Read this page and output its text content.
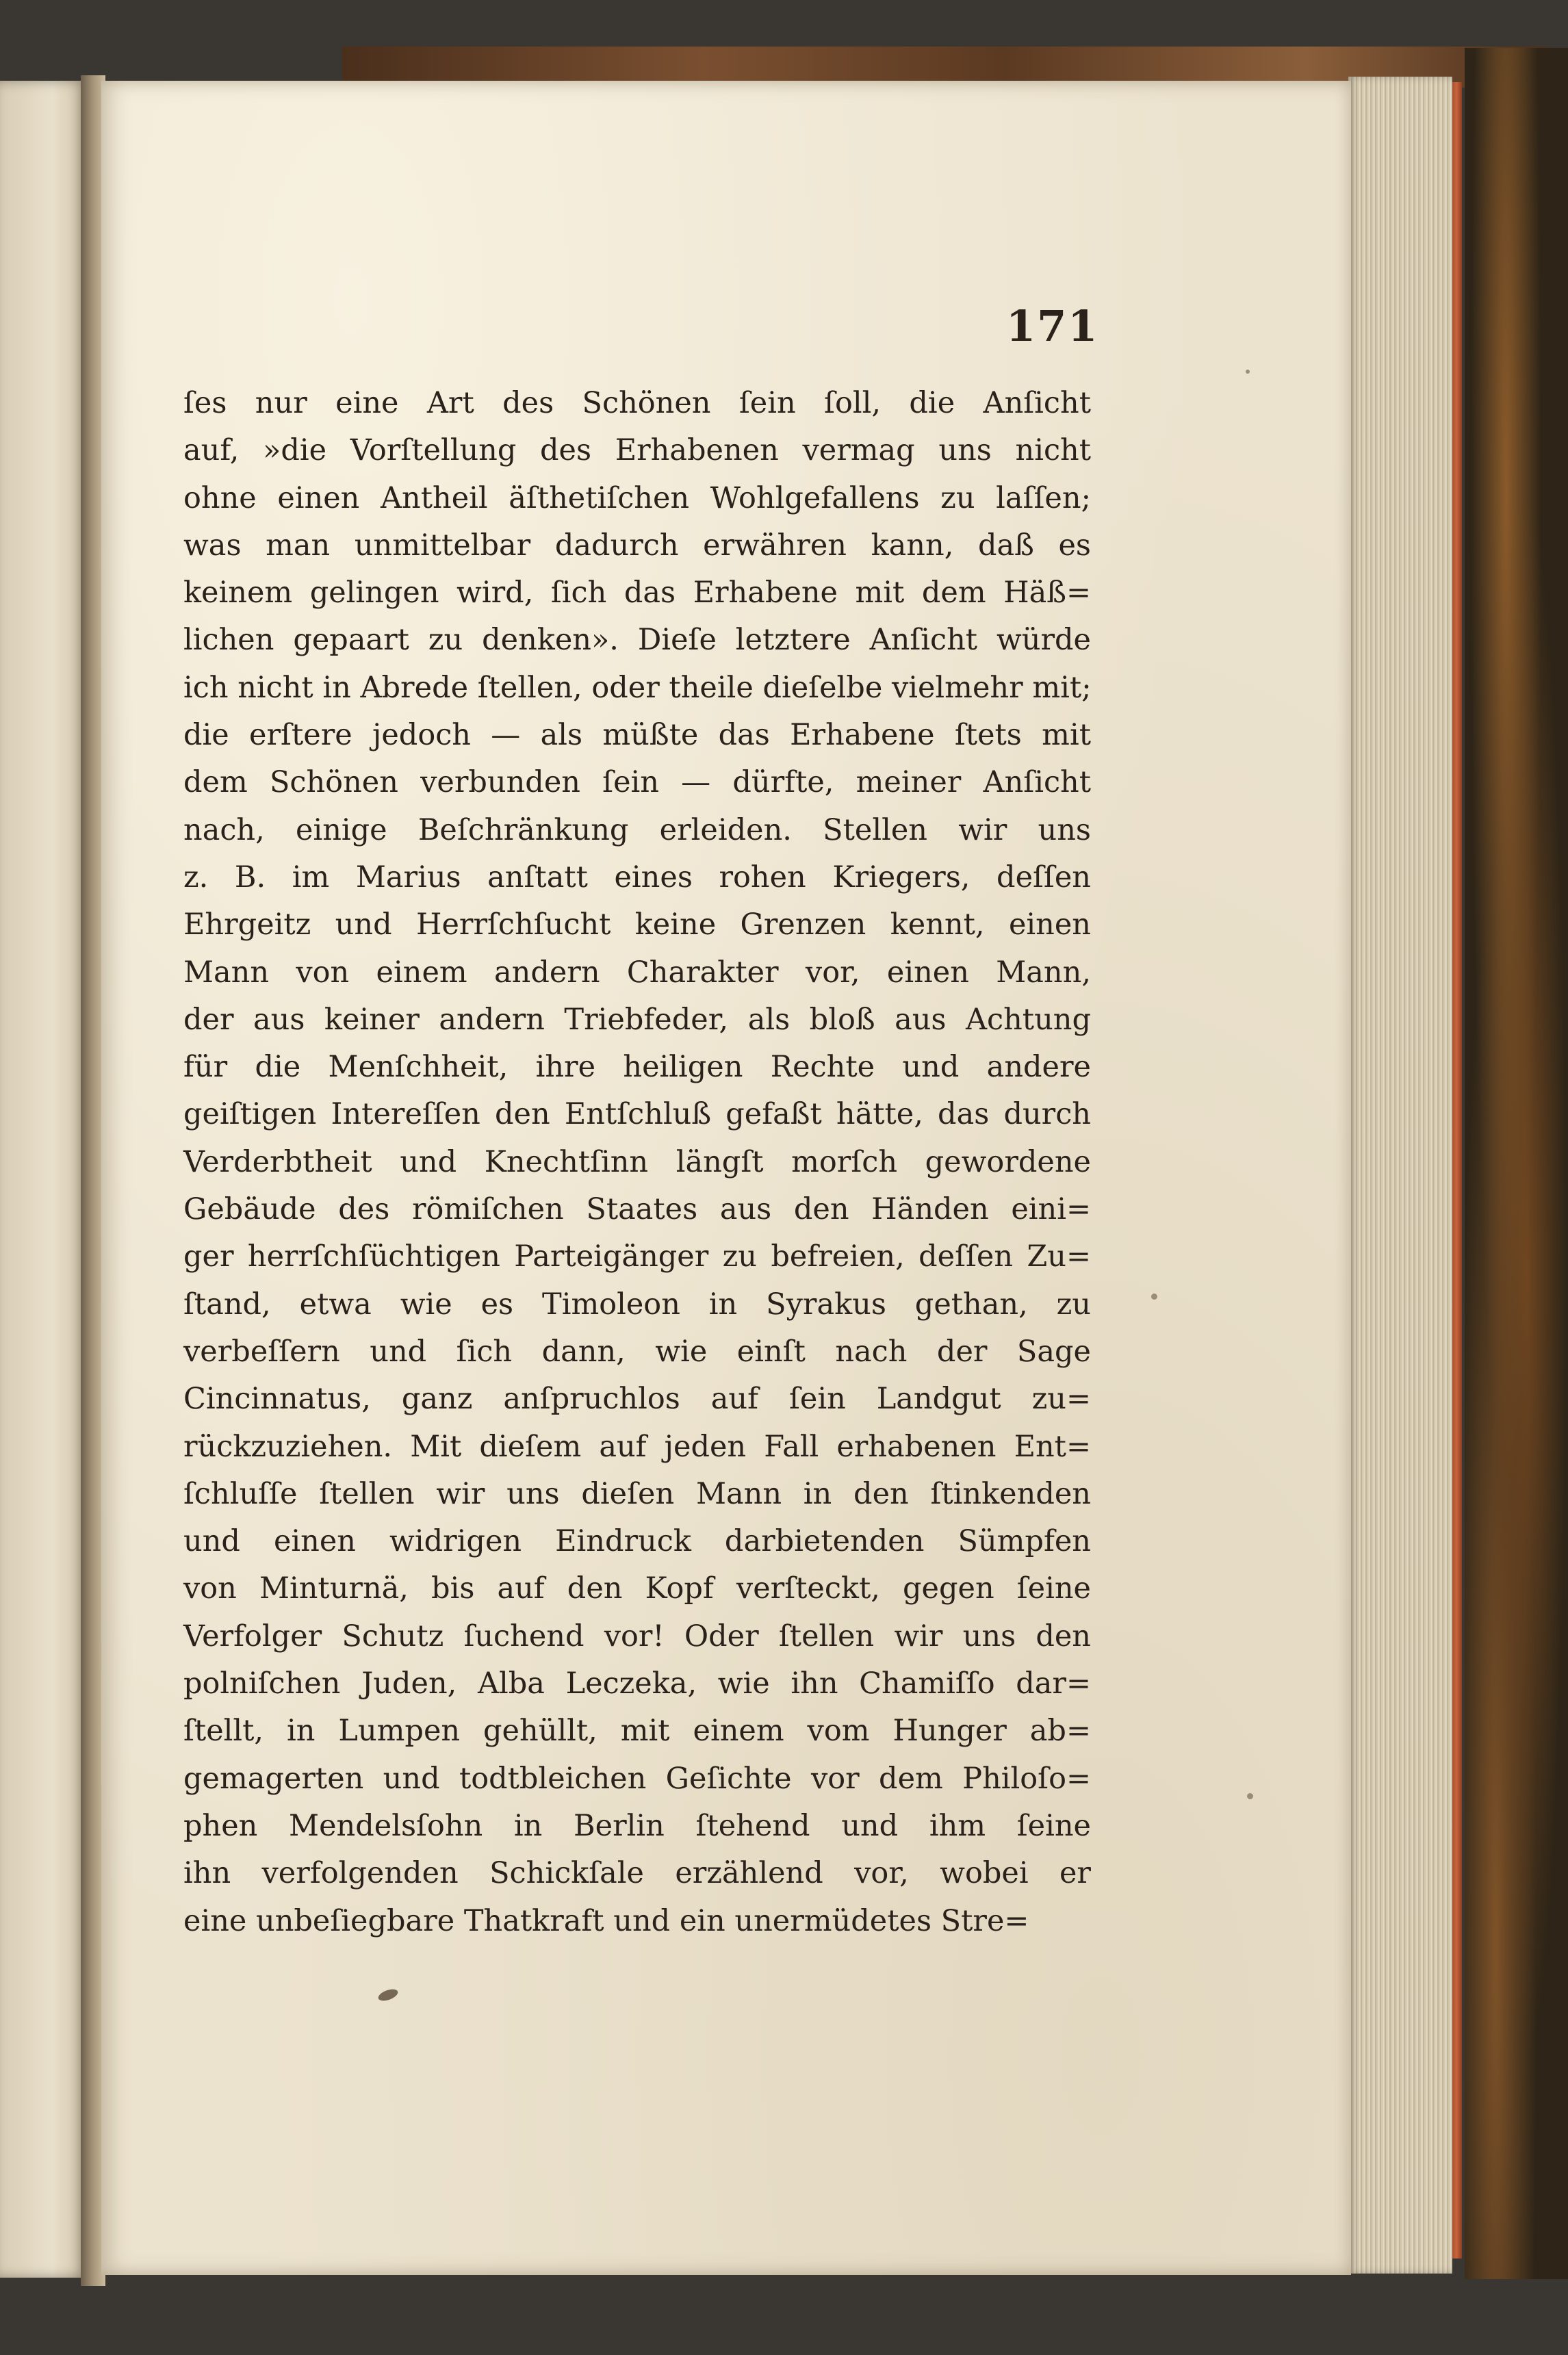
171
ſes nur eine Art des Schönen ſein ſoll, die Anſicht
auf, »die Vorſtellung des Erhabenen vermag uns nicht
ohne einen Antheil äſthetiſchen Wohlgefallens zu laſſen;
was man unmittelbar dadurch erwähren kann, daß es
keinem gelingen wird, ſich das Erhabene mit dem Häß=
lichen gepaart zu denken». Dieſe letztere Anſicht würde
ich nicht in Abrede ſtellen, oder theile dieſelbe vielmehr mit;
die erſtere jedoch — als müßte das Erhabene ſtets mit
dem Schönen verbunden ſein — dürfte, meiner Anſicht
nach, einige Beſchränkung erleiden. Stellen wir uns
z. B. im Marius anſtatt eines rohen Kriegers, deſſen
Ehrgeitz und Herrſchſucht keine Grenzen kennt, einen
Mann von einem andern Charakter vor, einen Mann,
der aus keiner andern Triebfeder, als bloß aus Achtung
für die Menſchheit, ihre heiligen Rechte und andere
geiſtigen Intereſſen den Entſchluß gefaßt hätte, das durch
Verderbtheit und Knechtſinn längſt morſch gewordene
Gebäude des römiſchen Staates aus den Händen eini=
ger herrſchſüchtigen Parteigänger zu befreien, deſſen Zu=
ſtand, etwa wie es Timoleon in Syrakus gethan, zu
verbeſſern und ſich dann, wie einſt nach der Sage
Cincinnatus, ganz anſpruchlos auf ſein Landgut zu=
rückzuziehen. Mit dieſem auf jeden Fall erhabenen Ent=
ſchluſſe ſtellen wir uns dieſen Mann in den ſtinkenden
und einen widrigen Eindruck darbietenden Sümpfen
von Minturnä, bis auf den Kopf verſteckt, gegen ſeine
Verfolger Schutz ſuchend vor! Oder ſtellen wir uns den
polniſchen Juden, Alba Leczeka, wie ihn Chamiſſo dar=
ſtellt, in Lumpen gehüllt, mit einem vom Hunger ab=
gemagerten und todtbleichen Geſichte vor dem Philoſo=
phen Mendelsſohn in Berlin ſtehend und ihm ſeine
ihn verfolgenden Schickſale erzählend vor, wobei er
eine unbeſiegbare Thatkraft und ein unermüdetes Stre=
